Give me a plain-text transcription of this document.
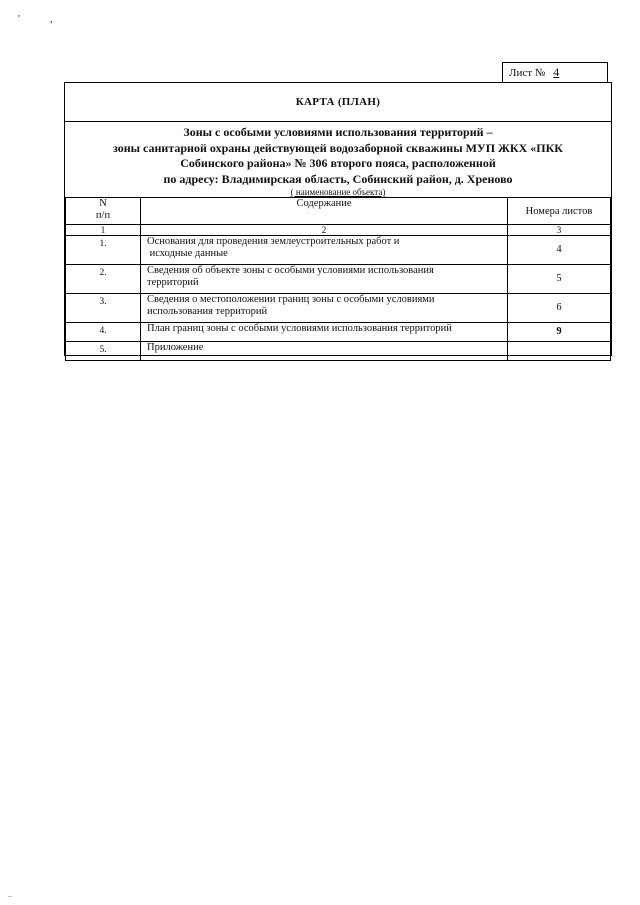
'	,
Лист № 4
КАРТА (ПЛАН)
Зоны с особыми условиями использования территорий –
зоны санитарной охраны действующей водозаборной скважины МУП ЖКХ «ПКК
Собинского района» № 306 второго пояса, расположенной
по адресу: Владимирская область, Собинский район, д. Хреново
( наименование объекта)
N
п/п	Содержание	Номера листов
1	2	3
1.	Основания для проведения землеустроительных работ и
исходные данные	4
2.	Сведения об объекте зоны с особыми условиями использования
территорий	5
3.	Сведения о местоположении границ зоны с особыми условиями
использования территорий	6
4.	План границ зоны с особыми условиями использования территорий	9
5.	Приложение	
..
